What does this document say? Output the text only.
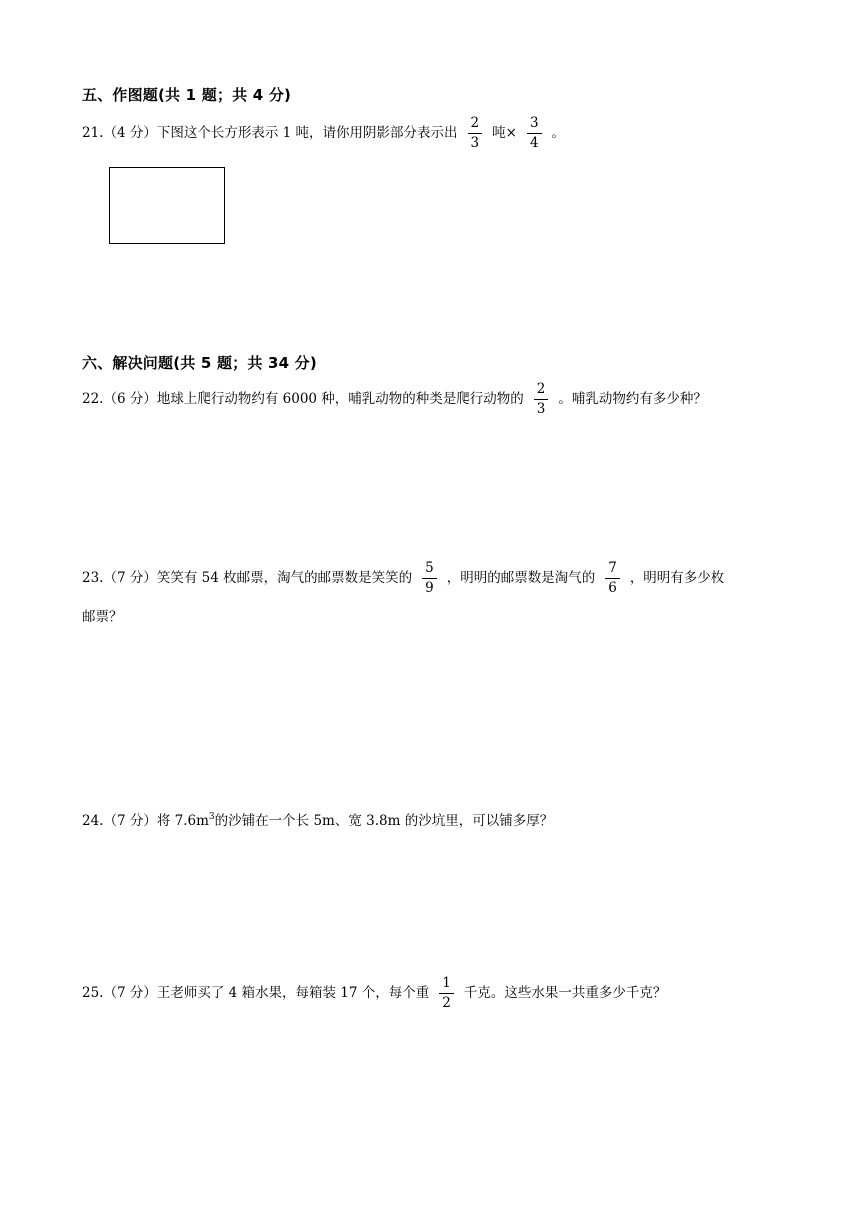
五、作图题(共 1 题；共 4 分)
21.（4 分）下图这个长方形表示 1 吨，请你用阴影部分表示出 $\frac{2}{3}$ 吨× $\frac{3}{4}$ 。
六、解决问题(共 5 题；共 34 分)
22.（6 分）地球上爬行动物约有 6000 种，哺乳动物的种类是爬行动物的 $\frac{2}{3}$ 。哺乳动物约有多少种？
23.（7 分）笑笑有 54 枚邮票，淘气的邮票数是笑笑的 $\frac{5}{9}$ ，明明的邮票数是淘气的 $\frac{7}{6}$ ，明明有多少枚
邮票？
24.（7 分）将 $7.6m^3$的沙铺在一个长 5m、宽 3.8m 的沙坑里，可以铺多厚？
25.（7 分）王老师买了 4 箱水果，每箱装 17 个，每个重 $\frac{1}{2}$ 千克。这些水果一共重多少千克？
